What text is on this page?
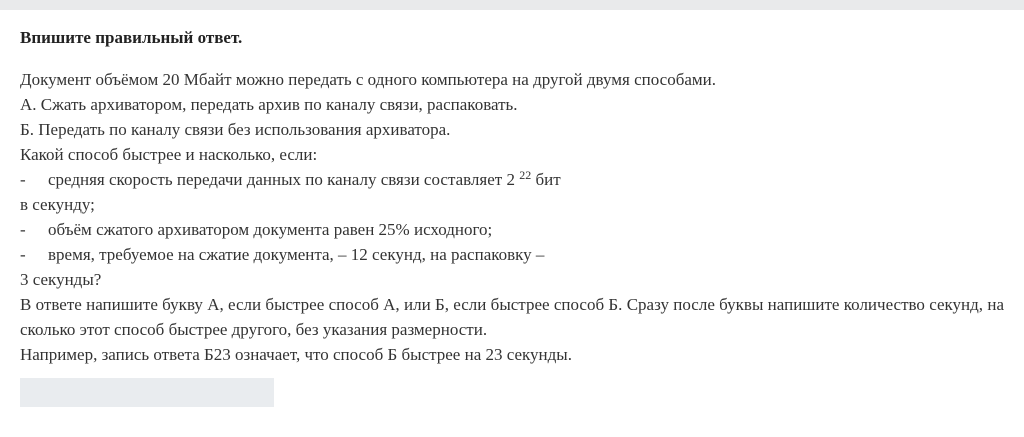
Впишите правильный ответ.
Документ объёмом 20 Мбайт можно передать с одного компьютера на другой двумя способами.
А. Сжать архиватором, передать архив по каналу связи, распаковать.
Б. Передать по каналу связи без использования архиватора.
Какой способ быстрее и насколько, если:
- средняя скорость передачи данных по каналу связи составляет 2 $^{22}$ бит
в секунду;
- объём сжатого архиватором документа равен 25% исходного;
- время, требуемое на сжатие документа, – 12 секунд, на распаковку –
3 секунды?
В ответе напишите букву А, если быстрее способ А, или Б, если быстрее способ Б. Сразу после буквы напишите количество секунд, на сколько этот способ быстрее другого, без указания размерности.
Например, запись ответа Б23 означает, что способ Б быстрее на 23 секунды.
